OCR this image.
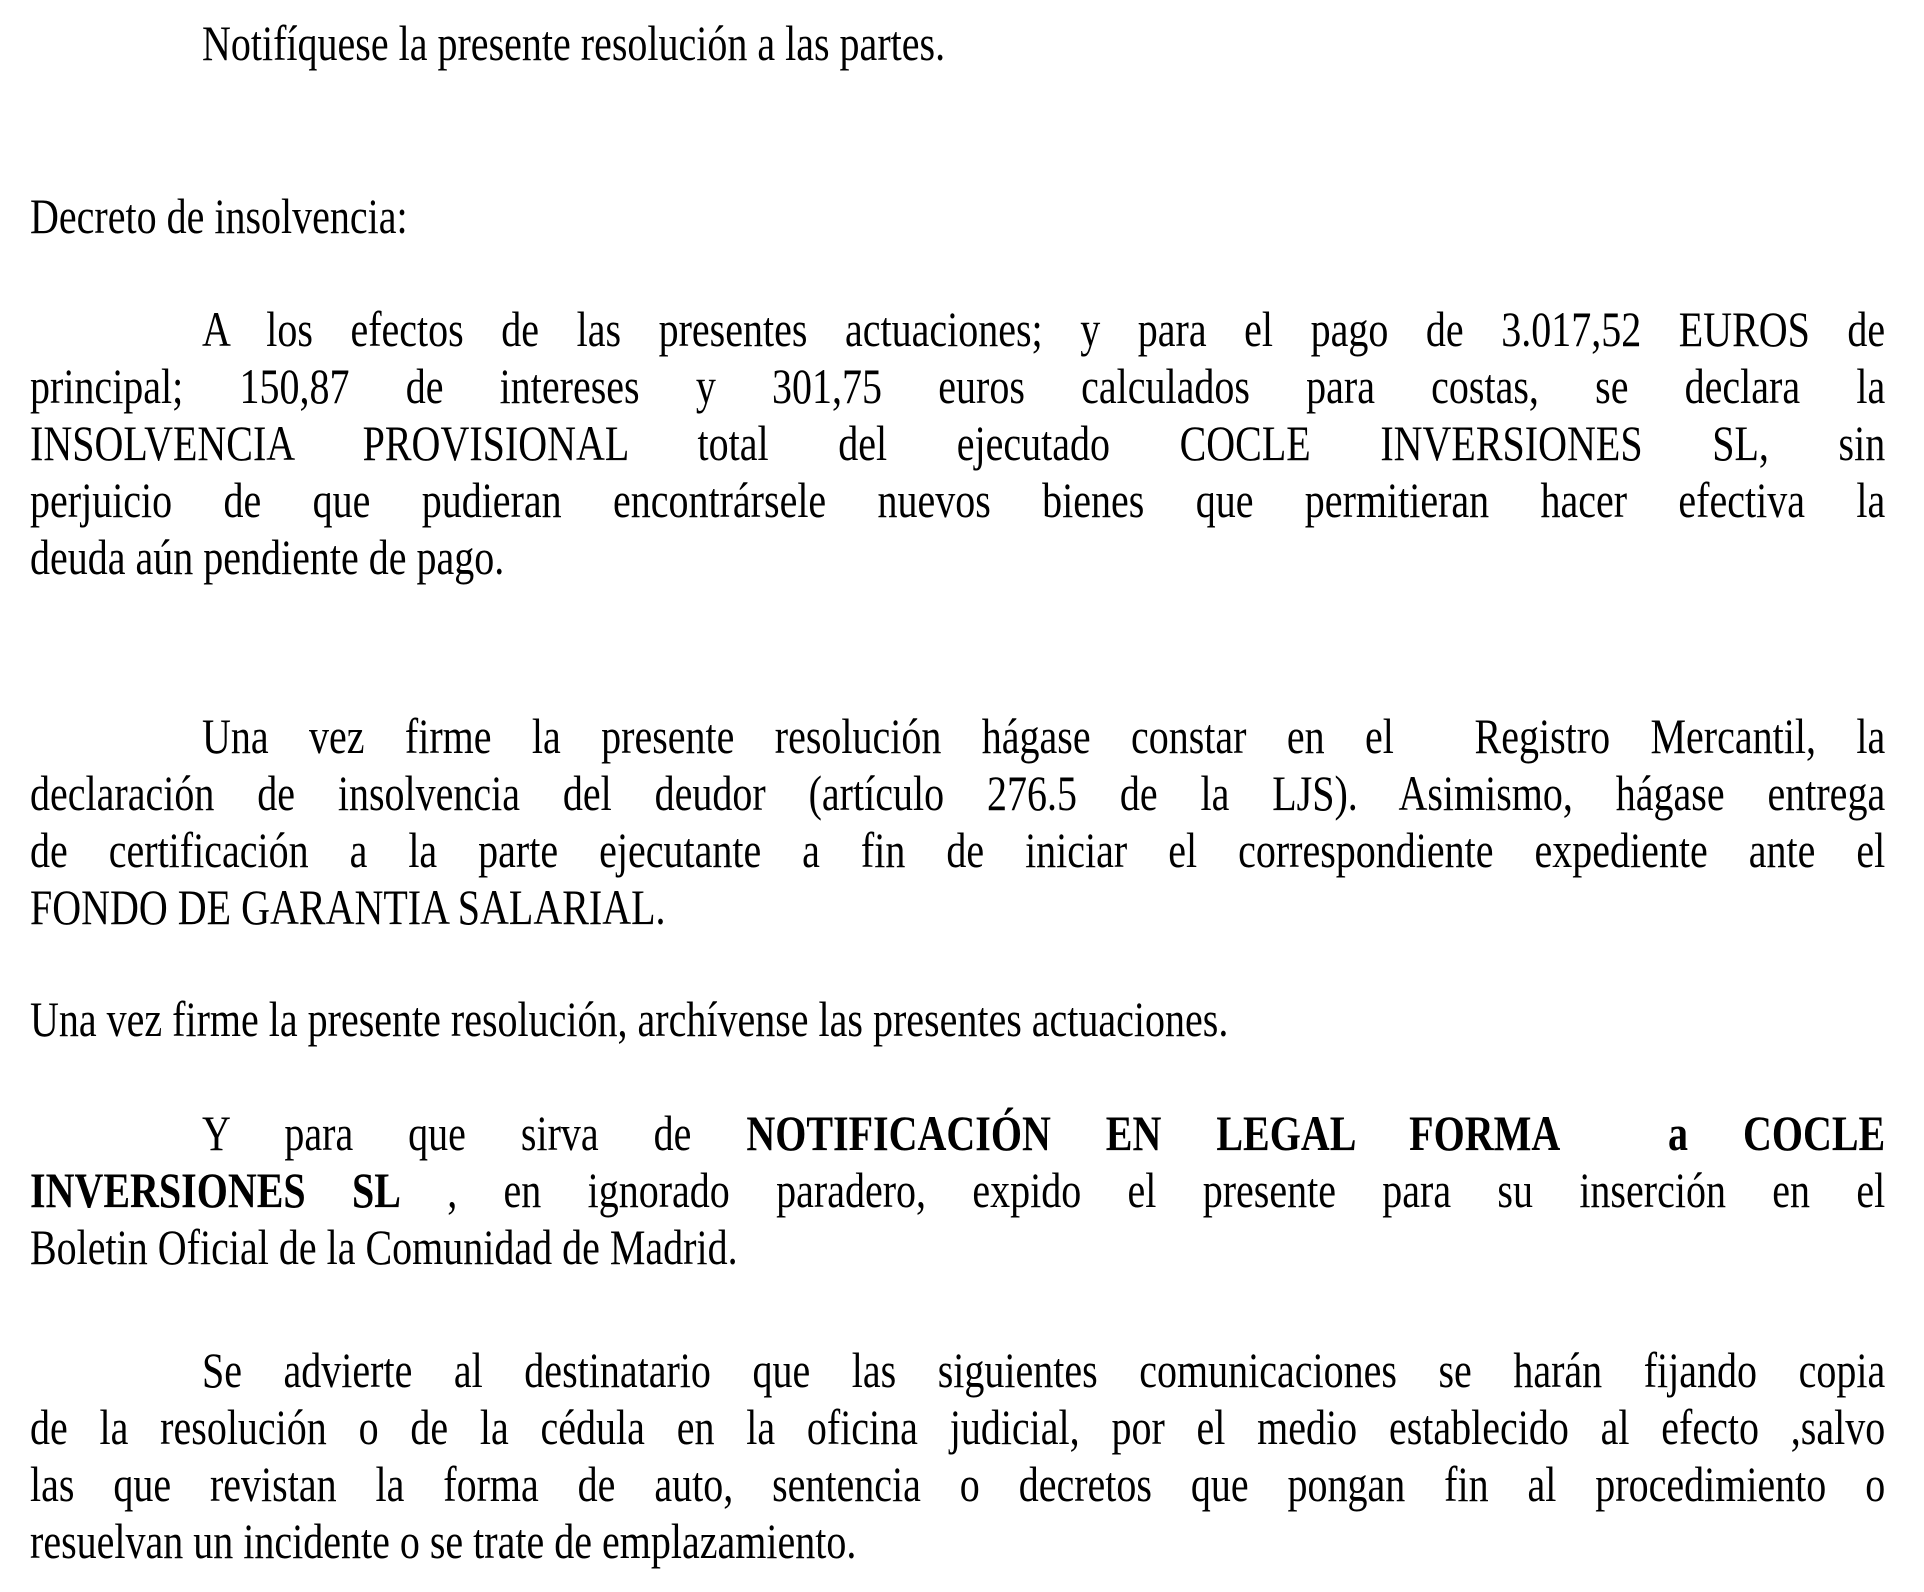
Notifíquese la presente resolución a las partes.
Decreto de insolvencia:
A los efectos de las presentes actuaciones; y para el pago de 3.017,52 EUROS de
principal; 150,87 de intereses y 301,75 euros calculados para costas, se declara la
INSOLVENCIA PROVISIONAL total del ejecutado COCLE INVERSIONES SL, sin
perjuicio de que pudieran encontrársele nuevos bienes que permitieran hacer efectiva la
deuda aún pendiente de pago.
Una vez firme la presente resolución hágase constar en el  Registro Mercantil, la
declaración de insolvencia del deudor (artículo 276.5 de la LJS). Asimismo, hágase entrega
de certificación a la parte ejecutante a fin de iniciar el correspondiente expediente ante el
FONDO DE GARANTIA SALARIAL.
Una vez firme la presente resolución, archívense las presentes actuaciones.
Y para que sirva de NOTIFICACIÓN EN LEGAL FORMA  a COCLE
INVERSIONES SL , en ignorado paradero, expido el presente para su inserción en el
Boletin Oficial de la Comunidad de Madrid.
Se advierte al destinatario que las siguientes comunicaciones se harán fijando copia
de la resolución o de la cédula en la oficina judicial, por el medio establecido al efecto ,salvo
las que revistan la forma de auto, sentencia o decretos que pongan fin al procedimiento o
resuelvan un incidente o se trate de emplazamiento.
